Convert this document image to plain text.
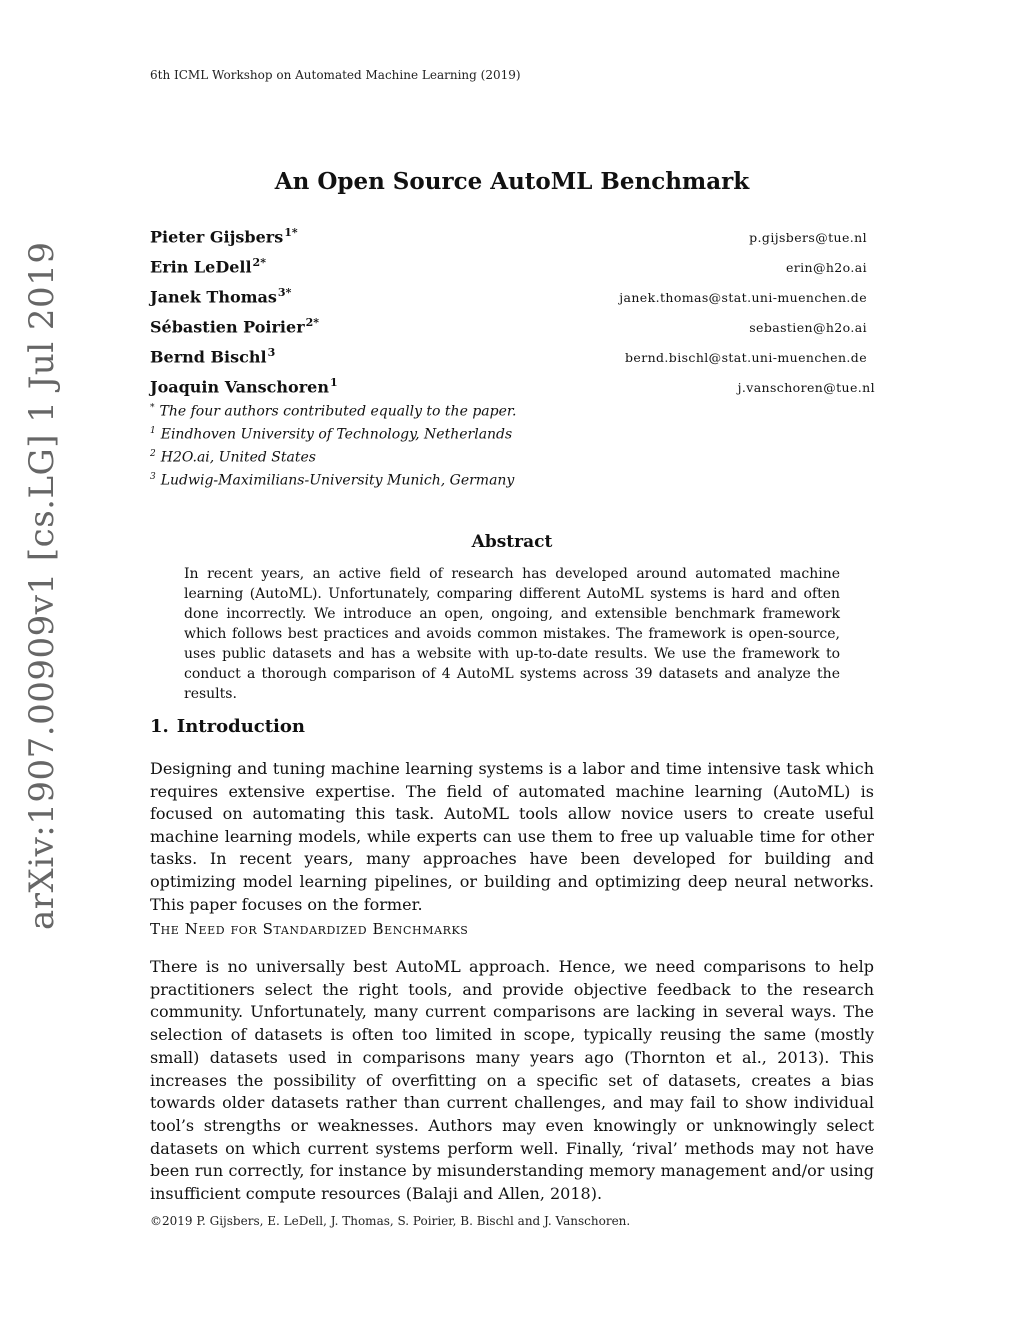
6th ICML Workshop on Automated Machine Learning (2019)
An Open Source AutoML Benchmark
Pieter Gijsbers$^{1*}$	p.gijsbers@tue.nl
Erin LeDell$^{2*}$	erin@h2o.ai
Janek Thomas$^{3*}$	janek.thomas@stat.uni-muenchen.de
Sébastien Poirier$^{2*}$	sebastien@h2o.ai
Bernd Bischl$^3$	bernd.bischl@stat.uni-muenchen.de
Joaquin Vanschoren$^1$	j.vanschoren@tue.nl
* The four authors contributed equally to the paper.
$^1$ Eindhoven University of Technology, Netherlands
$^2$ H2O.ai, United States
$^3$ Ludwig-Maximilians-University Munich, Germany
arXiv:1907.00909v1 [cs.LG] 1 Jul 2019	Abstract
In recent years, an active field of research has developed around automated machine learning (AutoML). Unfortunately, comparing different AutoML systems is hard and often done incorrectly. We introduce an open, ongoing, and extensible benchmark framework which follows best practices and avoids common mistakes. The framework is open-source, uses public datasets and has a website with up-to-date results. We use the framework to conduct a thorough comparison of 4 AutoML systems across 39 datasets and analyze the results.
1. Introduction
Designing and tuning machine learning systems is a labor and time intensive task which requires extensive expertise. The field of automated machine learning (AutoML) is focused on automating this task. AutoML tools allow novice users to create useful machine learning models, while experts can use them to free up valuable time for other tasks. In recent years, many approaches have been developed for building and optimizing model learning pipelines, or building and optimizing deep neural networks. This paper focuses on the former.
The Need for Standardized Benchmarks
There is no universally best AutoML approach. Hence, we need comparisons to help practitioners select the right tools, and provide objective feedback to the research community. Unfortunately, many current comparisons are lacking in several ways. The selection of datasets is often too limited in scope, typically reusing the same (mostly small) datasets used in comparisons many years ago (Thornton et al., 2013). This increases the possibility of overfitting on a specific set of datasets, creates a bias towards older datasets rather than current challenges, and may fail to show individual tool’s strengths or weaknesses. Authors may even knowingly or unknowingly select datasets on which current systems perform well. Finally, ‘rival’ methods may not have been run correctly, for instance by misunderstanding memory management and/or using insufficient compute resources (Balaji and Allen, 2018).
©2019 P. Gijsbers, E. LeDell, J. Thomas, S. Poirier, B. Bischl and J. Vanschoren.
